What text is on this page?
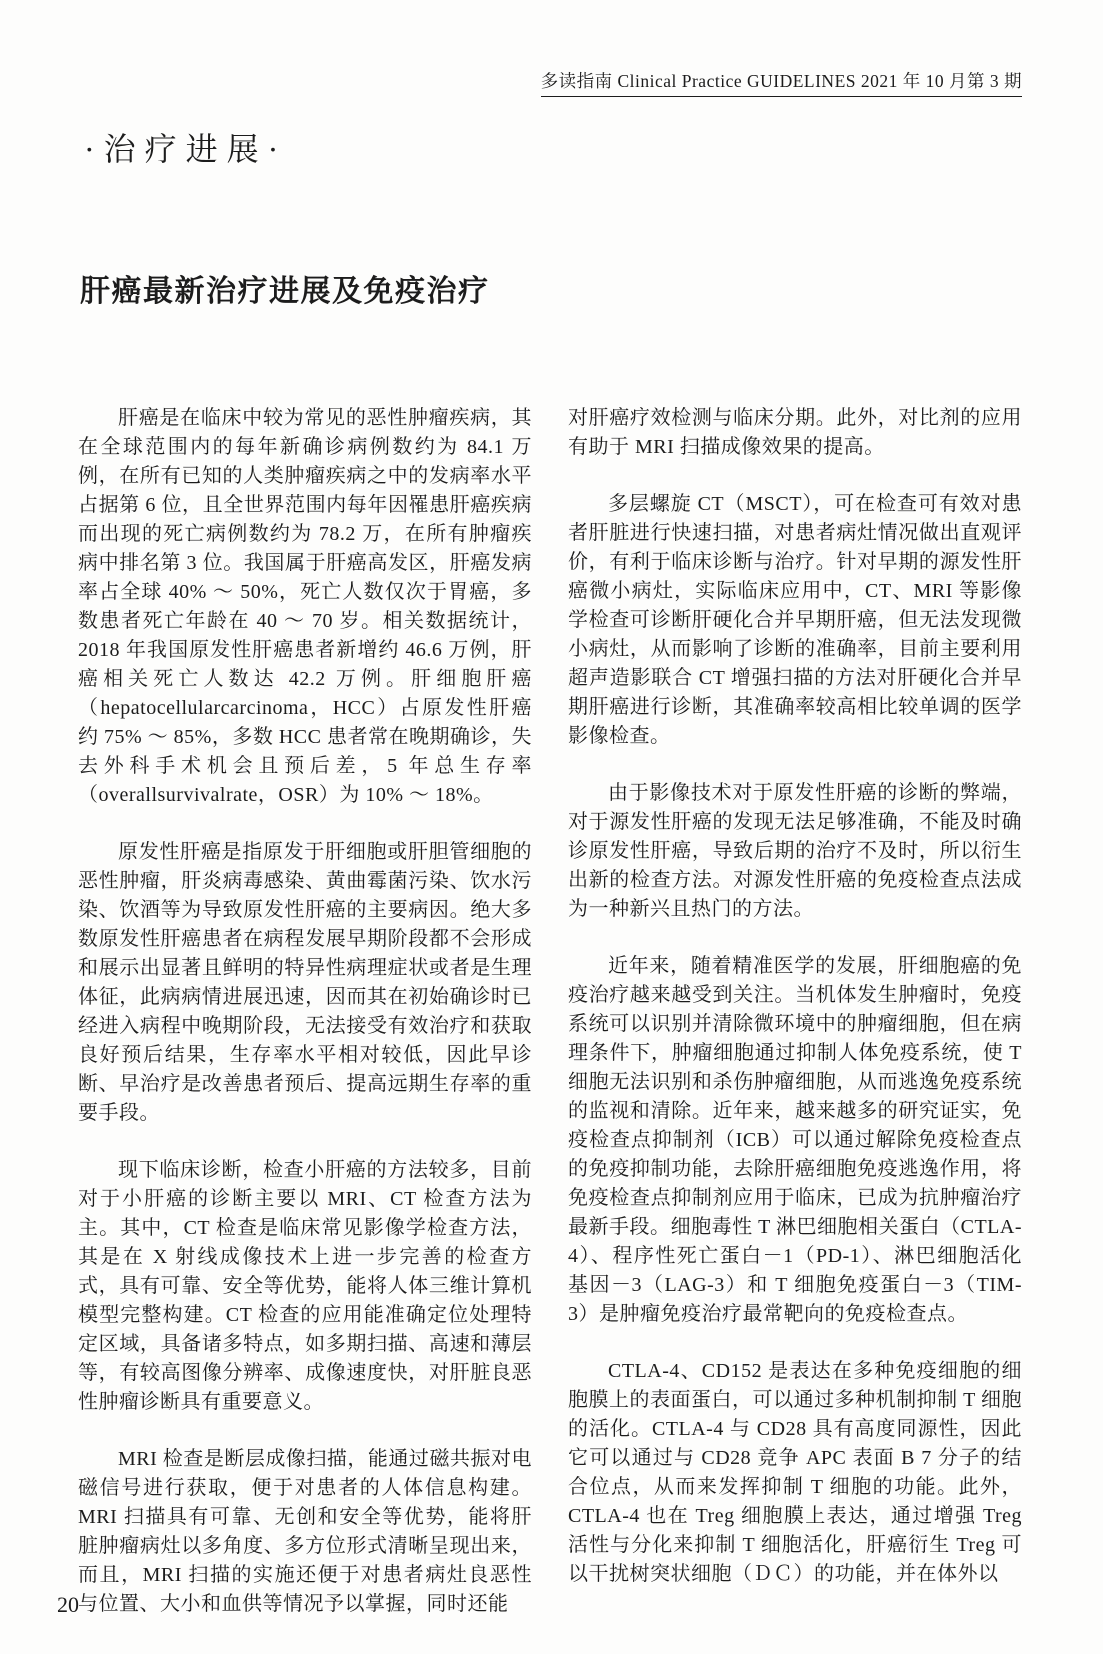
多读指南 Clinical Practice GUIDELINES 2021 年 10 月第 3 期
·治疗进展·
肝癌最新治疗进展及免疫治疗

肝癌是在临床中较为常见的恶性肿瘤疾病，其在全球范围内的每年新确诊病例数约为 84.1 万例，在所有已知的人类肿瘤疾病之中的发病率水平占据第 6 位，且全世界范围内每年因罹患肝癌疾病而出现的死亡病例数约为 78.2 万，在所有肿瘤疾病中排名第 3 位。我国属于肝癌高发区，肝癌发病率占全球 40% ～ 50%，死亡人数仅次于胃癌，多数患者死亡年龄在 40 ～ 70 岁。相关数据统计，2018 年我国原发性肝癌患者新增约 46.6 万例，肝癌相关死亡人数达 42.2 万例。肝细胞肝癌（hepatocellularcarcinoma，HCC）占原发性肝癌约 75% ～ 85%，多数 HCC 患者常在晚期确诊，失去外科手术机会且预后差，5 年总生存率（overallsurvivalrate，OSR）为 10% ～ 18%。

原发性肝癌是指原发于肝细胞或肝胆管细胞的恶性肿瘤，肝炎病毒感染、黄曲霉菌污染、饮水污染、饮酒等为导致原发性肝癌的主要病因。绝大多数原发性肝癌患者在病程发展早期阶段都不会形成和展示出显著且鲜明的特异性病理症状或者是生理体征，此病病情进展迅速，因而其在初始确诊时已经进入病程中晚期阶段，无法接受有效治疗和获取良好预后结果，生存率水平相对较低，因此早诊断、早治疗是改善患者预后、提高远期生存率的重要手段。

现下临床诊断，检查小肝癌的方法较多，目前对于小肝癌的诊断主要以 MRI、CT 检查方法为主。其中，CT 检查是临床常见影像学检查方法，其是在 X 射线成像技术上进一步完善的检查方式，具有可靠、安全等优势，能将人体三维计算机模型完整构建。CT 检查的应用能准确定位处理特定区域，具备诸多特点，如多期扫描、高速和薄层等，有较高图像分辨率、成像速度快，对肝脏良恶性肿瘤诊断具有重要意义。

MRI 检查是断层成像扫描，能通过磁共振对电磁信号进行获取，便于对患者的人体信息构建。MRI 扫描具有可靠、无创和安全等优势，能将肝脏肿瘤病灶以多角度、多方位形式清晰呈现出来，而且，MRI 扫描的实施还便于对患者病灶良恶性与位置、大小和血供等情况予以掌握，同时还能

对肝癌疗效检测与临床分期。此外，对比剂的应用有助于 MRI 扫描成像效果的提高。

多层螺旋 CT（MSCT），可在检查可有效对患者肝脏进行快速扫描，对患者病灶情况做出直观评价，有利于临床诊断与治疗。针对早期的源发性肝癌微小病灶，实际临床应用中，CT、MRI 等影像学检查可诊断肝硬化合并早期肝癌，但无法发现微小病灶，从而影响了诊断的准确率，目前主要利用超声造影联合 CT 增强扫描的方法对肝硬化合并早期肝癌进行诊断，其准确率较高相比较单调的医学影像检查。

由于影像技术对于原发性肝癌的诊断的弊端，对于源发性肝癌的发现无法足够准确，不能及时确诊原发性肝癌，导致后期的治疗不及时，所以衍生出新的检查方法。对源发性肝癌的免疫检查点法成为一种新兴且热门的方法。

近年来，随着精准医学的发展，肝细胞癌的免疫治疗越来越受到关注。当机体发生肿瘤时，免疫系统可以识别并清除微环境中的肿瘤细胞，但在病理条件下，肿瘤细胞通过抑制人体免疫系统，使 T 细胞无法识别和杀伤肿瘤细胞，从而逃逸免疫系统的监视和清除。近年来，越来越多的研究证实，免疫检查点抑制剂（ICB）可以通过解除免疫检查点的免疫抑制功能，去除肝癌细胞免疫逃逸作用，将免疫检查点抑制剂应用于临床，已成为抗肿瘤治疗最新手段。细胞毒性 T 淋巴细胞相关蛋白（CTLA-4）、程序性死亡蛋白－1（PD-1）、淋巴细胞活化基因－3（LAG-3）和 T 细胞免疫蛋白－3（TIM-3）是肿瘤免疫治疗最常靶向的免疫检查点。

CTLA-4、CD152 是表达在多种免疫细胞的细胞膜上的表面蛋白，可以通过多种机制抑制 T 细胞的活化。CTLA-4 与 CD28 具有高度同源性，因此它可以通过与 CD28 竞争 APC 表面 B 7 分子的结合位点，从而来发挥抑制 T 细胞的功能。此外，CTLA-4 也在 Treg 细胞膜上表达，通过增强 Treg 活性与分化来抑制 T 细胞活化，肝癌衍生 Treg 可以干扰树突状细胞（ＤＣ）的功能，并在体外以

20
